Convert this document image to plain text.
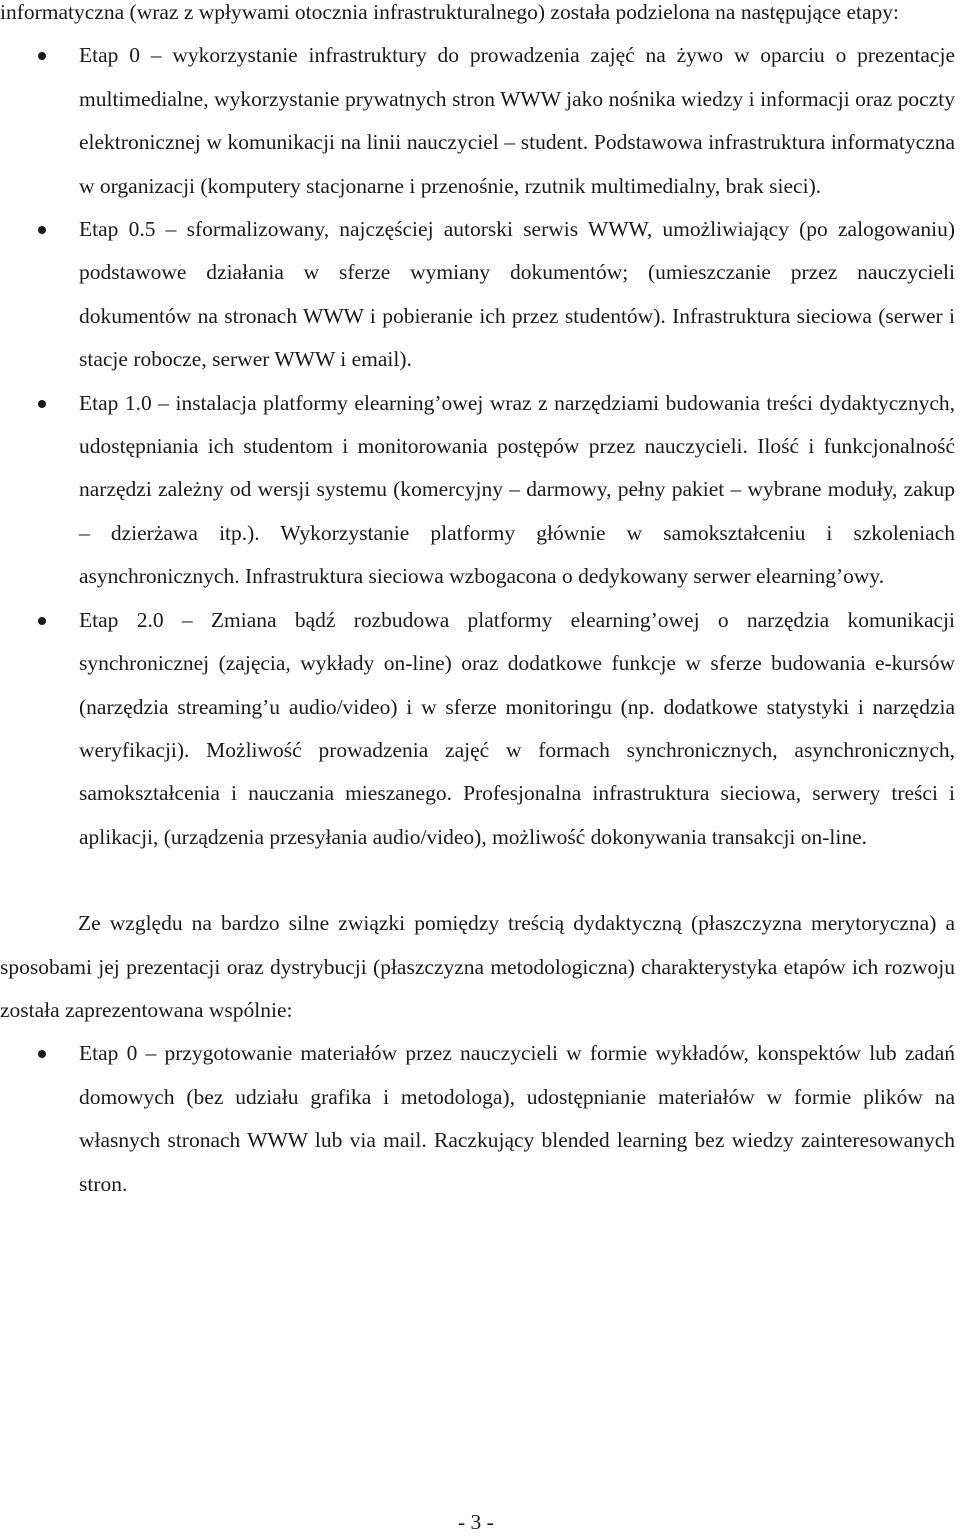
informatyczna (wraz z wpływami otocznia infrastrukturalnego) została podzielona na następujące etapy:

Etap 0 – wykorzystanie infrastruktury do prowadzenia zajęć na żywo w oparciu o prezentacje multimedialne, wykorzystanie prywatnych stron WWW jako nośnika wiedzy i informacji oraz poczty elektronicznej w komunikacji na linii nauczyciel – student. Podstawowa infrastruktura informatyczna w organizacji (komputery stacjonarne i przenośnie, rzutnik multimedialny, brak sieci).
Etap 0.5 – sformalizowany, najczęściej autorski serwis WWW, umożliwiający (po zalogowaniu) podstawowe działania w sferze wymiany dokumentów; (umieszczanie przez nauczycieli dokumentów na stronach WWW i pobieranie ich przez studentów). Infrastruktura sieciowa (serwer i stacje robocze, serwer WWW i email).
Etap 1.0 – instalacja platformy elearning’owej wraz z narzędziami budowania treści dydaktycznych, udostępniania ich studentom i monitorowania postępów przez nauczycieli. Ilość i funkcjonalność narzędzi zależny od wersji systemu (komercyjny – darmowy, pełny pakiet – wybrane moduły, zakup – dzierżawa itp.). Wykorzystanie platformy głównie w samokształceniu i szkoleniach asynchronicznych. Infrastruktura sieciowa wzbogacona o dedykowany serwer elearning’owy.
Etap 2.0 – Zmiana bądź rozbudowa platformy elearning’owej o narzędzia komunikacji synchronicznej (zajęcia, wykłady on-line) oraz dodatkowe funkcje w sferze budowania e-kursów (narzędzia streaming’u audio/video) i w sferze monitoringu (np. dodatkowe statystyki i narzędzia weryfikacji). Możliwość prowadzenia zajęć w formach synchronicznych, asynchronicznych, samokształcenia i nauczania mieszanego. Profesjonalna infrastruktura sieciowa, serwery treści i aplikacji, (urządzenia przesyłania audio/video), możliwość dokonywania transakcji on-line.

Ze względu na bardzo silne związki pomiędzy treścią dydaktyczną (płaszczyzna merytoryczna) a sposobami jej prezentacji oraz dystrybucji (płaszczyzna metodologiczna) charakterystyka etapów ich rozwoju została zaprezentowana wspólnie:

Etap 0 – przygotowanie materiałów przez nauczycieli w formie wykładów, konspektów lub zadań domowych (bez udziału grafika i metodologa), udostępnianie materiałów w formie plików na własnych stronach WWW lub via mail. Raczkujący blended learning bez wiedzy zainteresowanych stron.
- 3 -
